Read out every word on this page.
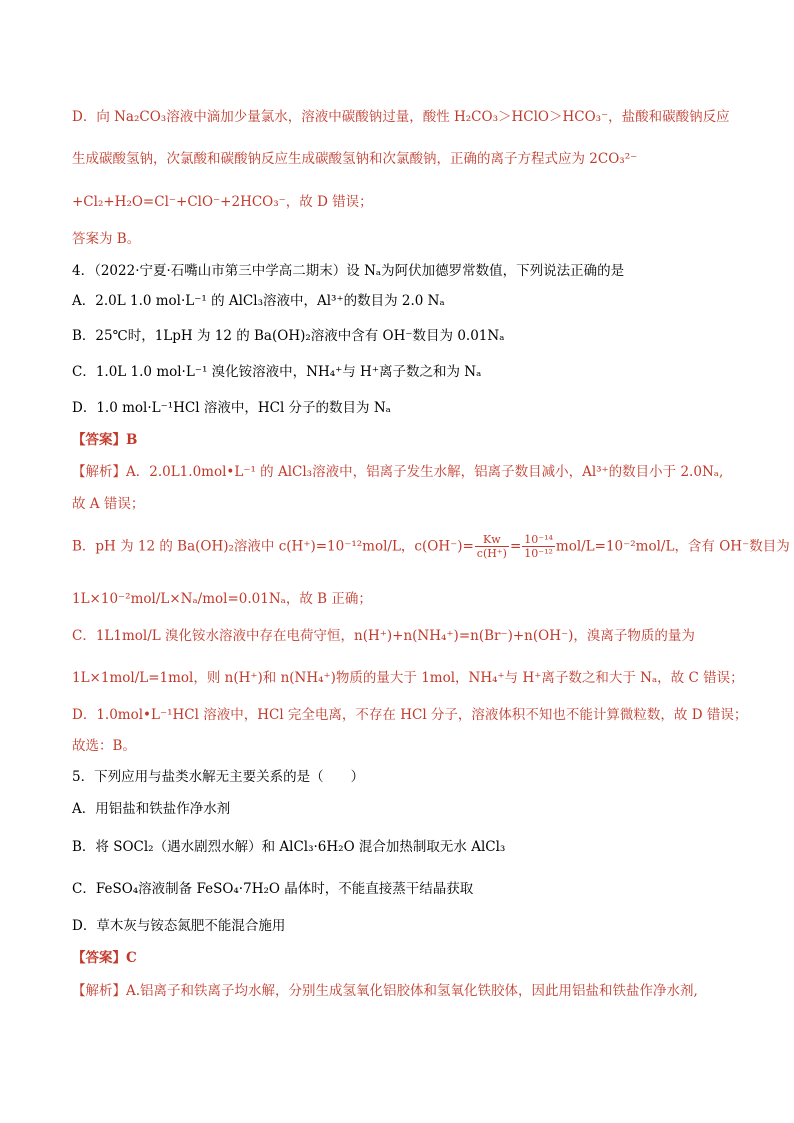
D．向 Na₂CO₃溶液中滴加少量氯水，溶液中碳酸钠过量，酸性 H₂CO₃＞HClO＞HCO₃⁻，盐酸和碳酸钠反应
生成碳酸氢钠，次氯酸和碳酸钠反应生成碳酸氢钠和次氯酸钠，正确的离子方程式应为 2CO₃²⁻
+Cl₂+H₂O=Cl⁻+ClO⁻+2HCO₃⁻，故 D 错误；
答案为 B。
4．（2022·宁夏·石嘴山市第三中学高二期末）设 Nₐ为阿伏加德罗常数值，下列说法正确的是
A．2.0L 1.0 mol·L⁻¹ 的 AlCl₃溶液中，Al³⁺的数目为 2.0 Nₐ
B．25℃时，1LpH 为 12 的 Ba(OH)₂溶液中含有 OH⁻数目为 0.01Nₐ
C．1.0L 1.0 mol·L⁻¹ 溴化铵溶液中，NH₄⁺与 H⁺离子数之和为 Nₐ
D．1.0 mol·L⁻¹HCl 溶液中，HCl 分子的数目为 Nₐ
【答案】B
【解析】A．2.0L1.0mol•L⁻¹ 的 AlCl₃溶液中，铝离子发生水解，铝离子数目减小，Al³⁺的数目小于 2.0Nₐ,
故 A 错误；
B．pH 为 12 的 Ba(OH)₂溶液中 c(H⁺)=10⁻¹²mol/L，$c(OH^-)= \frac{Kw}{c(H^+)} = \frac{\text{10⁻¹⁴}}{\text{10⁻¹²}} mol/L=10^{-2}mol/L$，含有 OH⁻数目为
1L×10⁻²mol/L×Nₐ/mol=0.01Nₐ，故 B 正确；
C．1L1mol/L 溴化铵水溶液中存在电荷守恒，n(H⁺)+n(NH₄⁺)=n(Br⁻)+n(OH⁻)，溴离子物质的量为
1L×1mol/L=1mol，则 n(H⁺)和 n(NH₄⁺)物质的量大于 1mol，NH₄⁺与 H⁺离子数之和大于 Nₐ，故 C 错误；
D．1.0mol•L⁻¹HCl 溶液中，HCl 完全电离，不存在 HCl 分子，溶液体积不知也不能计算微粒数，故 D 错误；
故选：B。
5．下列应用与盐类水解无主要关系的是（　　）
A．用铝盐和铁盐作净水剂
B．将 SOCl₂（遇水剧烈水解）和 AlCl₃·6H₂O 混合加热制取无水 AlCl₃
C．FeSO₄溶液制备 FeSO₄·7H₂O 晶体时，不能直接蒸干结晶获取
D．草木灰与铵态氮肥不能混合施用
【答案】C
【解析】A.铝离子和铁离子均水解，分别生成氢氧化铝胶体和氢氧化铁胶体，因此用铝盐和铁盐作净水剂,
